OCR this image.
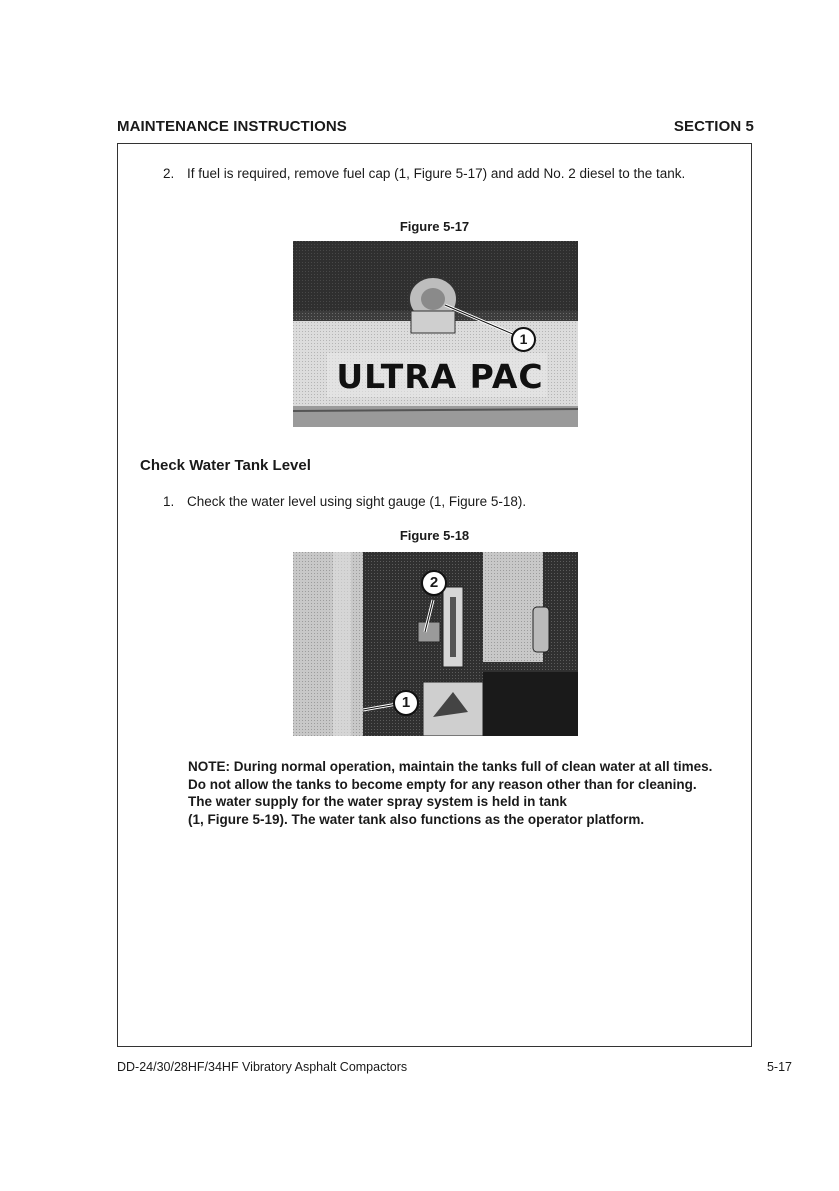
MAINTENANCE INSTRUCTIONS	SECTION 5
2. If fuel is required, remove fuel cap (1, Figure 5-17) and add No. 2 diesel to the tank.
Figure 5-17
ULTRA PAC
1
Check Water Tank Level
1. Check the water level using sight gauge (1, Figure 5-18).
Figure 5-18
2
1

NOTE: During normal operation, maintain the tanks full of clean water at all times. Do not allow the tanks to become empty for any reason other than for cleaning.

The water supply for the water spray system is held in tank

(1, Figure 5-19). The water tank also functions as the operator platform.

DD-24/30/28HF/34HF Vibratory Asphalt Compactors	5-17
